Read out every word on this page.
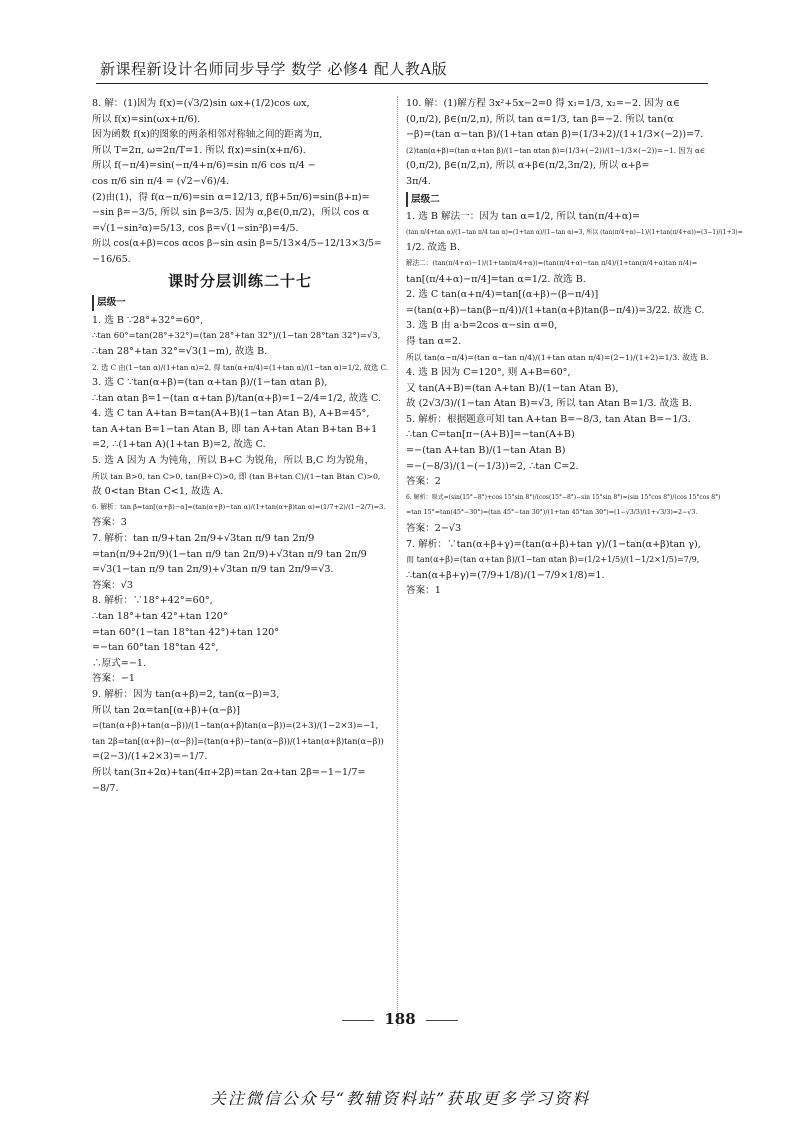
新课程新设计名师同步导学 数学 必修4 配人教A版
8. 解：(1)因为 f(x)=(√3/2)sin ωx+(1/2)cos ωx,
所以 f(x)=sin(ωx+π/6).
因为函数 f(x)的图象的两条相邻对称轴之间的距离为π,
所以 T=2π, ω=2π/T=1. 所以 f(x)=sin(x+π/6).
所以 f(−π/4)=sin(−π/4+π/6)=sin π/6 cos π/4 −
cos π/6 sin π/4 = (√2−√6)/4.
(2)由(1)，得 f(α−π/6)=sin α=12/13, f(β+5π/6)=sin(β+π)=
−sin β=−3/5, 所以 sin β=3/5. 因为 α,β∈(0,π/2)，所以 cos α
=√(1−sin²α)=5/13, cos β=√(1−sin²β)=4/5.
所以 cos(α+β)=cos αcos β−sin αsin β=5/13×4/5−12/13×3/5=
−16/65.
课时分层训练二十七
层级一
1. 选 B ∵28°+32°=60°,
∴tan 60°=tan(28°+32°)=(tan 28°+tan 32°)/(1−tan 28°tan 32°)=√3,
∴tan 28°+tan 32°=√3(1−m), 故选 B.
2. 选 C 由(1−tan α)/(1+tan α)=2, 得 tan(α+π/4)=(1+tan α)/(1−tan α)=1/2, 故选 C.
3. 选 C ∵tan(α+β)=(tan α+tan β)/(1−tan αtan β),
∴tan αtan β=1−(tan α+tan β)/tan(α+β)=1−2/4=1/2, 故选 C.
4. 选 C tan A+tan B=tan(A+B)(1−tan Atan B), A+B=45°,
tan A+tan B=1−tan Atan B, 即 tan A+tan Atan B+tan B+1
=2, ∴(1+tan A)(1+tan B)=2, 故选 C.
5. 选 A 因为 A 为钝角，所以 B+C 为锐角，所以 B,C 均为锐角，
所以 tan B>0, tan C>0, tan(B+C)>0, 即 (tan B+tan C)/(1−tan Btan C)>0,
故 0<tan Btan C<1, 故选 A.
6. 解析：tan β=tan[(α+β)−α]=(tan(α+β)−tan α)/(1+tan(α+β)tan α)=(1/7+2)/(1−2/7)=3.
答案：3
7. 解析：tan π/9+tan 2π/9+√3tan π/9 tan 2π/9
=tan(π/9+2π/9)(1−tan π/9 tan 2π/9)+√3tan π/9 tan 2π/9
=√3(1−tan π/9 tan 2π/9)+√3tan π/9 tan 2π/9=√3.
答案：√3
8. 解析：∵18°+42°=60°,
∴tan 18°+tan 42°+tan 120°
=tan 60°(1−tan 18°tan 42°)+tan 120°
=−tan 60°tan 18°tan 42°,
∴原式=−1.
答案：−1
9. 解析：因为 tan(α+β)=2, tan(α−β)=3,
所以 tan 2α=tan[(α+β)+(α−β)]
=(tan(α+β)+tan(α−β))/(1−tan(α+β)tan(α−β))=(2+3)/(1−2×3)=−1,
tan 2β=tan[(α+β)−(α−β)]=(tan(α+β)−tan(α−β))/(1+tan(α+β)tan(α−β))
=(2−3)/(1+2×3)=−1/7.
所以 tan(3π+2α)+tan(4π+2β)=tan 2α+tan 2β=−1−1/7=
−8/7.
10. 解：(1)解方程 3x²+5x−2=0 得 x₁=1/3, x₂=−2. 因为 α∈
(0,π/2), β∈(π/2,π), 所以 tan α=1/3, tan β=−2. 所以 tan(α
−β)=(tan α−tan β)/(1+tan αtan β)=(1/3+2)/(1+1/3×(−2))=7.
(2)tan(α+β)=(tan α+tan β)/(1−tan αtan β)=(1/3+(−2))/(1−1/3×(−2))=−1. 因为 α∈
(0,π/2), β∈(π/2,π), 所以 α+β∈(π/2,3π/2), 所以 α+β=
3π/4.
层级二
1. 选 B 解法一：因为 tan α=1/2, 所以 tan(π/4+α)=
(tan π/4+tan α)/(1−tan π/4 tan α)=(1+tan α)/(1−tan α)=3, 所以 (tan(π/4+α)−1)/(1+tan(π/4+α))=(3−1)/(1+3)=
1/2. 故选 B.
解法二：(tan(π/4+α)−1)/(1+tan(π/4+α))=(tan(π/4+α)−tan π/4)/(1+tan(π/4+α)tan π/4)=
tan[(π/4+α)−π/4]=tan α=1/2. 故选 B.
2. 选 C tan(α+π/4)=tan[(α+β)−(β−π/4)]
=(tan(α+β)−tan(β−π/4))/(1+tan(α+β)tan(β−π/4))=3/22. 故选 C.
3. 选 B 由 a·b=2cos α−sin α=0,
得 tan α=2.
所以 tan(α−π/4)=(tan α−tan π/4)/(1+tan αtan π/4)=(2−1)/(1+2)=1/3. 故选 B.
4. 选 B 因为 C=120°, 则 A+B=60°,
又 tan(A+B)=(tan A+tan B)/(1−tan Atan B),
故 (2√3/3)/(1−tan Atan B)=√3, 所以 tan Atan B=1/3. 故选 B.
5. 解析：根据题意可知 tan A+tan B=−8/3, tan Atan B=−1/3.
∴tan C=tan[π−(A+B)]=−tan(A+B)
=−(tan A+tan B)/(1−tan Atan B)
=−(−8/3)/(1−(−1/3))=2, ∴tan C=2.
答案：2
6. 解析：原式=(sin(15°−8°)+cos 15°sin 8°)/(cos(15°−8°)−sin 15°sin 8°)=(sin 15°cos 8°)/(cos 15°cos 8°)
=tan 15°=tan(45°−30°)=(tan 45°−tan 30°)/(1+tan 45°tan 30°)=(1−√3/3)/(1+√3/3)=2−√3.
答案：2−√3
7. 解析：∵tan(α+β+γ)=(tan(α+β)+tan γ)/(1−tan(α+β)tan γ),
而 tan(α+β)=(tan α+tan β)/(1−tan αtan β)=(1/2+1/5)/(1−1/2×1/5)=7/9,
∴tan(α+β+γ)=(7/9+1/8)/(1−7/9×1/8)=1.
答案：1
188
关注微信公众号“教辅资料站”获取更多学习资料
